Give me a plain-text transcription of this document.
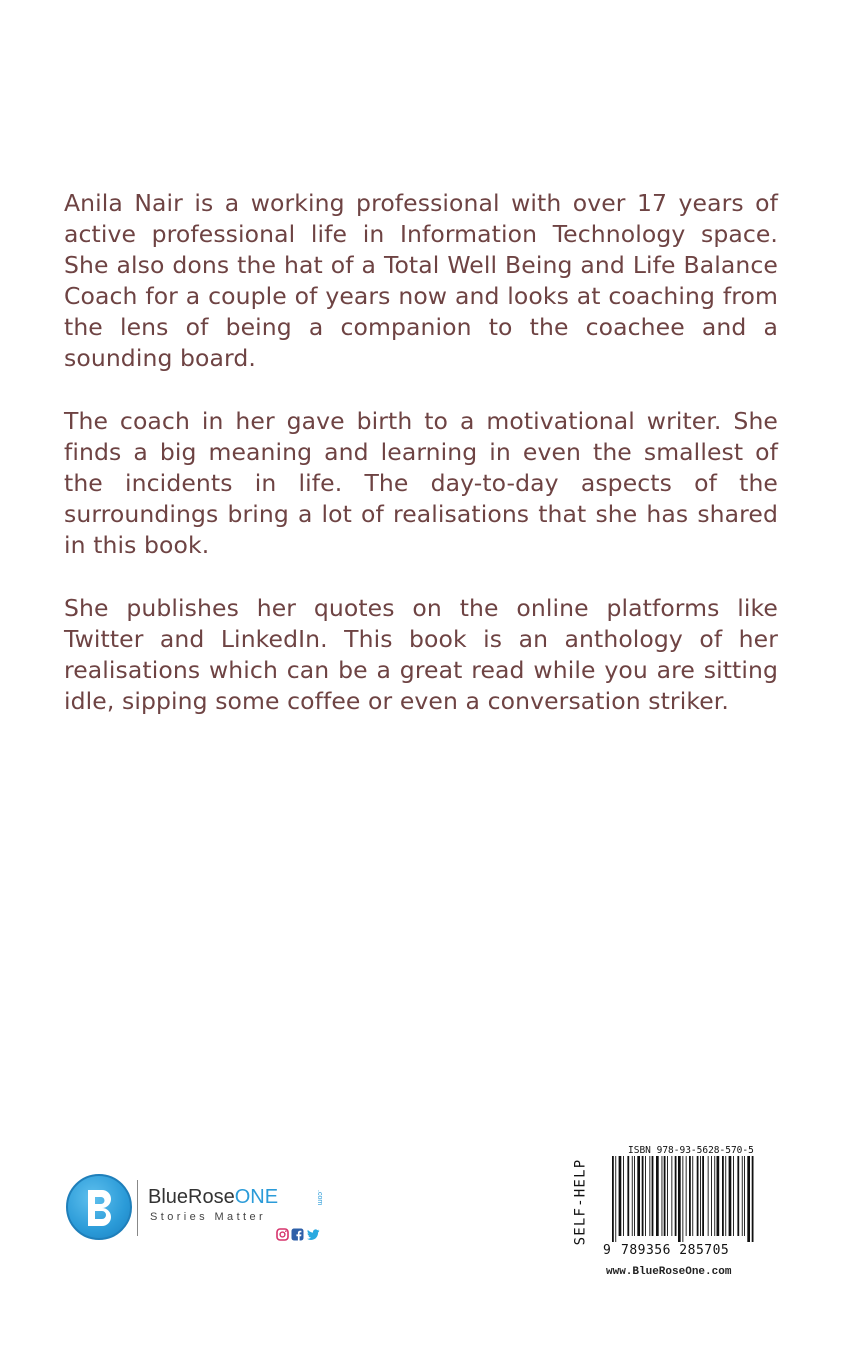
Anila Nair is a working professional with over 17 years of active professional life in Information Technology space. She also dons the hat of a Total Well Being and Life Balance Coach for a couple of years now and looks at coaching from the lens of being a companion to the coachee and a sounding board.

The coach in her gave birth to a motivational writer. She finds a big meaning and learning in even the smallest of the incidents in life. The day-to-day aspects of the surroundings bring a lot of realisations that she has shared in this book.

She publishes her quotes on the online platforms like Twitter and LinkedIn. This book is an anthology of her realisations which can be a great read while you are sitting idle, sipping some coffee or even a conversation striker.

BlueRoseONE	.com
Stories Matter	SELF-HELP
ISBN 978-93-5628-570-5
9 789356 285705
www.BlueRoseOne.com
